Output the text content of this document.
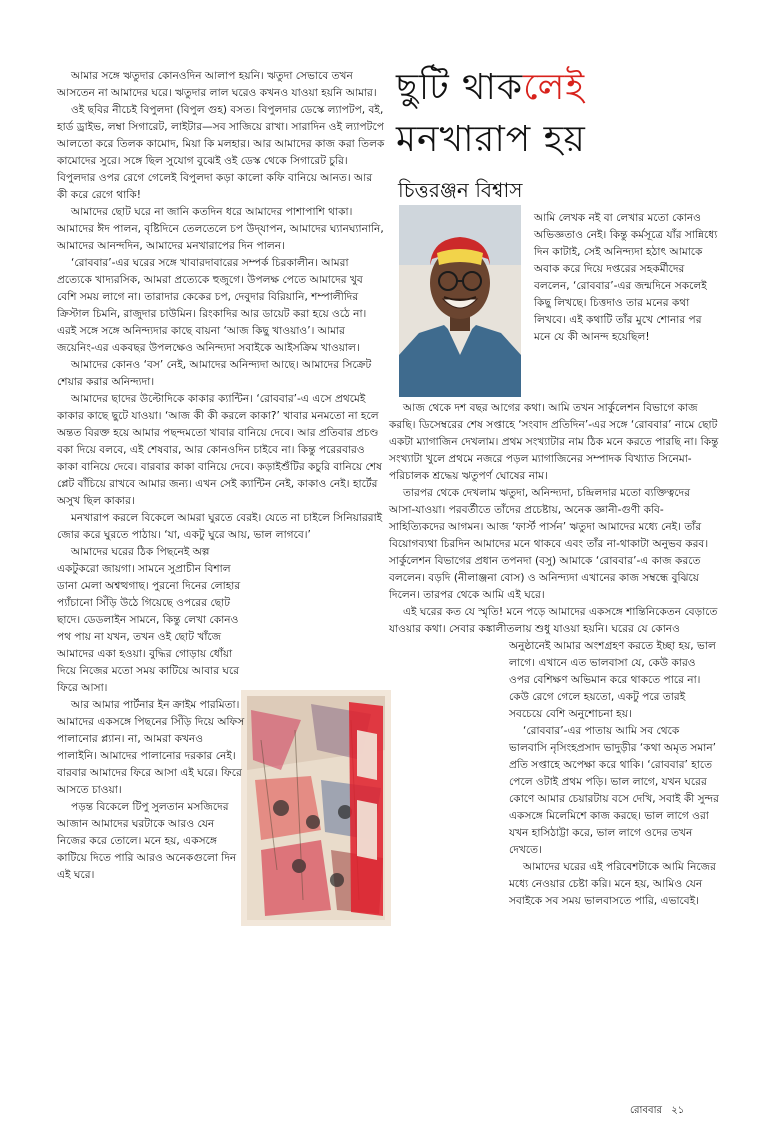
ছুটি থাকলেই
মনখারাপ হয়
চিত্তরঞ্জন বিশ্বাস

আমি লেখক নই বা লেখার মতো কোনও অভিজ্ঞতাও নেই। কিন্তু কর্মসূত্রে যাঁর সান্নিধ্যে দিন কাটাই, সেই অনিন্দ্যদা হঠাৎ আমাকে অবাক করে দিয়ে দপ্তরের সহকর্মীদের বললেন, ‘রোববার’-এর জন্মদিনে সকলেই কিছু লিখছে। চিত্তদাও তার মনের কথা লিখবে। এই কথাটি তাঁর মুখে শোনার পর মনে যে কী আনন্দ হয়েছিল!

আজ থেকে দশ বছর আগের কথা। আমি তখন সার্কুলেশন বিভাগে কাজ করছি। ডিসেম্বরের শেষ সপ্তাহে ‘সংবাদ প্রতিদিন’-এর সঙ্গে ‘রোববার’ নামে ছোট একটা ম্যাগাজিন দেখলাম। প্রথম সংখ্যাটার নাম ঠিক মনে করতে পারছি না। কিন্তু সংখ্যাটা খুলে প্রথমে নজরে পড়ল ম্যাগাজিনের সম্পাদক বিখ্যাত সিনেমা-পরিচালক শ্রদ্ধেয় ঋতুপর্ণ ঘোষের নাম।

তারপর থেকে দেখলাম ঋতুদা, অনিন্দ্যদা, চন্দ্রিলদার মতো ব্যক্তিত্বদের আসা-যাওয়া। পরবর্তীতে তাঁদের প্রচেষ্টায়, অনেক জ্ঞানী-গুণী কবি-সাহিত্যিকদের আগমন। আজ ‘ফার্স্ট পার্সন’ ঋতুদা আমাদের মধ্যে নেই। তাঁর বিয়োগব্যথা চিরদিন আমাদের মনে থাকবে এবং তাঁর না-থাকাটা অনুভব করব। সার্কুলেশন বিভাগের প্রধান তপনদা (বসু) আমাকে ‘রোববার’-এ কাজ করতে বললেন। বড়দি (নীলাঞ্জনা বোস) ও অনিন্দ্যদা এখানের কাজ সম্বন্ধে বুঝিয়ে দিলেন। তারপর থেকে আমি এই ঘরে।

এই ঘরের কত যে স্মৃতি! মনে পড়ে আমাদের একসঙ্গে শান্তিনিকেতন বেড়াতে যাওয়ার কথা। সেবার কঙ্কালীতলায় শুধু যাওয়া হয়নি। ঘরের যে কোনও

অনুষ্ঠানেই আমার অংশগ্রহণ করতে ইচ্ছা হয়, ভাল লাগে। এখানে এত ভালবাসা যে, কেউ কারও ওপর বেশিক্ষণ অভিমান করে থাকতে পারে না। কেউ রেগে গেলে হয়তো, একটু পরে তারই সবচেয়ে বেশি অনুশোচনা হয়।

‘রোববার’-এর পাতায় আমি সব থেকে ভালবাসি নৃসিংহপ্রসাদ ভাদুড়ীর ‘কথা অমৃত সমান’ প্রতি সপ্তাহে অপেক্ষা করে থাকি। ‘রোববার’ হাতে পেলে ওটাই প্রথম পড়ি। ভাল লাগে, যখন ঘরের কোণে আমার চেয়ারটায় বসে দেখি, সবাই কী সুন্দর একসঙ্গে মিলেমিশে কাজ করছে। ভাল লাগে ওরা যখন হাসিঠাট্টা করে, ভাল লাগে ওদের তখন দেখতে।

আমাদের ঘরের এই পরিবেশটাকে আমি নিজের মধ্যে নেওয়ার চেষ্টা করি। মনে হয়, আমিও যেন সবাইকে সব সময় ভালবাসতে পারি, এভাবেই।

আমার সঙ্গে ঋতুদার কোনওদিন আলাপ হয়নি। ঋতুদা সেভাবে তখন আসতেন না আমাদের ঘরে। ঋতুদার লাল ঘরেও কখনও যাওয়া হয়নি আমার।

ওই ছবির নীচেই বিপুলদা (বিপুল গুহ) বসত। বিপুলদার ডেস্কে ল্যাপটপ, বই, হার্ড ড্রাইভ, লম্বা সিগারেট, লাইটার—সব সাজিয়ে রাখা। সারাদিন ওই ল্যাপটপে আলতো করে তিলক কামোদ, মিয়া কি মলহার। আর আমাদের কাজ করা তিলক কামোদের সুরে। সঙ্গে ছিল সুযোগ বুঝেই ওই ডেস্ক থেকে সিগারেট চুরি। বিপুলদার ওপর রেগে গেলেই বিপুলদা কড়া কালো কফি বানিয়ে আনত। আর কী করে রেগে থাকি!

আমাদের ছোট ঘরে না জানি কতদিন ধরে আমাদের পাশাপাশি থাকা। আমাদের ঈদ পালন, বৃষ্টিদিনে তেলতেলে চপ উদ্‌যাপন, আমাদের ঘ্যানঘ্যানানি, আমাদের আনন্দদিন, আমাদের মনখারাপের দিন পালন।

‘রোববার’-এর ঘরের সঙ্গে খাবারদাবারের সম্পর্ক চিরকালীন। আমরা প্রত্যেকে খাদ্যরসিক, আমরা প্রত্যেকে হুজুগে। উপলক্ষ পেতে আমাদের খুব বেশি সময় লাগে না। তারাদার কেকের চপ, দেবুদার বিরিয়ানি, শম্পালীদির ক্রিস্টাল চিমনি, রাজুদার চাউমিন। রিংকাদির আর ডায়েট করা হয়ে ওঠে না। এরই সঙ্গে সঙ্গে অনিন্দ্যদার কাছে বায়না ‘আজ কিছু খাওয়াও’। আমার জয়েনিং-এর একবছর উপলক্ষেও অনিন্দ্যদা সবাইকে আইসক্রিম খাওয়াল।

আমাদের কোনও ‘বস’ নেই, আমাদের অনিন্দ্যদা আছে। আমাদের সিক্রেট শেয়ার করার অনিন্দ্যদা।

আমাদের ছাদের উল্টোদিকে কাকার ক্যান্টিন। ‘রোববার’-এ এসে প্রথমেই কাকার কাছে ছুটে যাওয়া। ‘আজ কী কী করলে কাকা?’ খাবার মনমতো না হলে অন্তত বিরক্ত হয়ে আমার পছন্দমতো খাবার বানিয়ে দেবে। আর প্রতিবার প্রচণ্ড বকা দিয়ে বলবে, এই শেষবার, আর কোনওদিন চাইবে না। কিন্তু পরেরবারও কাকা বানিয়ে দেবে। বারবার কাকা বানিয়ে দেবে। কড়াইশুঁটির কচুরি বানিয়ে শেষ প্লেট বাঁচিয়ে রাখবে আমার জন্য। এখন সেই ক্যান্টিন নেই, কাকাও নেই। হার্টের অসুখ ছিল কাকার।

মনখারাপ করলে বিকেলে আমরা ঘুরতে বেরই। যেতে না চাইলে সিনিয়াররাই জোর করে ঘুরতে পাঠায়। ‘যা, একটু ঘুরে আয়, ভাল লাগবে।’

আমাদের ঘরের ঠিক পিছনেই অল্প একটুকরো জায়গা। সামনে সুপ্রাচীন বিশাল ডানা মেলা অশ্বত্থগাছ। পুরনো দিনের লোহার প্যাঁচানো সিঁড়ি উঠে গিয়েছে ওপরের ছোট ছাদে। ডেডলাইন সামনে, কিন্তু লেখা কোনও পথ পায় না যখন, তখন ওই ছোট খাঁজে আমাদের একা হওয়া। বুদ্ধির গোড়ায় ধোঁয়া দিয়ে নিজের মতো সময় কাটিয়ে আবার ঘরে ফিরে আসা।

আর আমার পার্টনার ইন ক্রাইম পারমিতা। আমাদের একসঙ্গে পিছনের সিঁড়ি দিয়ে অফিস পালানোর প্ল্যান। না, আমরা কখনও পালাইনি। আমাদের পালানোর দরকার নেই। বারবার আমাদের ফিরে আসা এই ঘরে। ফিরে আসতে চাওয়া।

পড়ন্ত বিকেলে টিপু সুলতান মসজিদের আজান আমাদের ঘরটাকে আরও যেন নিজের করে তোলে। মনে হয়, একসঙ্গে কাটিয়ে দিতে পারি আরও অনেকগুলো দিন এই ঘরে।

রোববার ২১
